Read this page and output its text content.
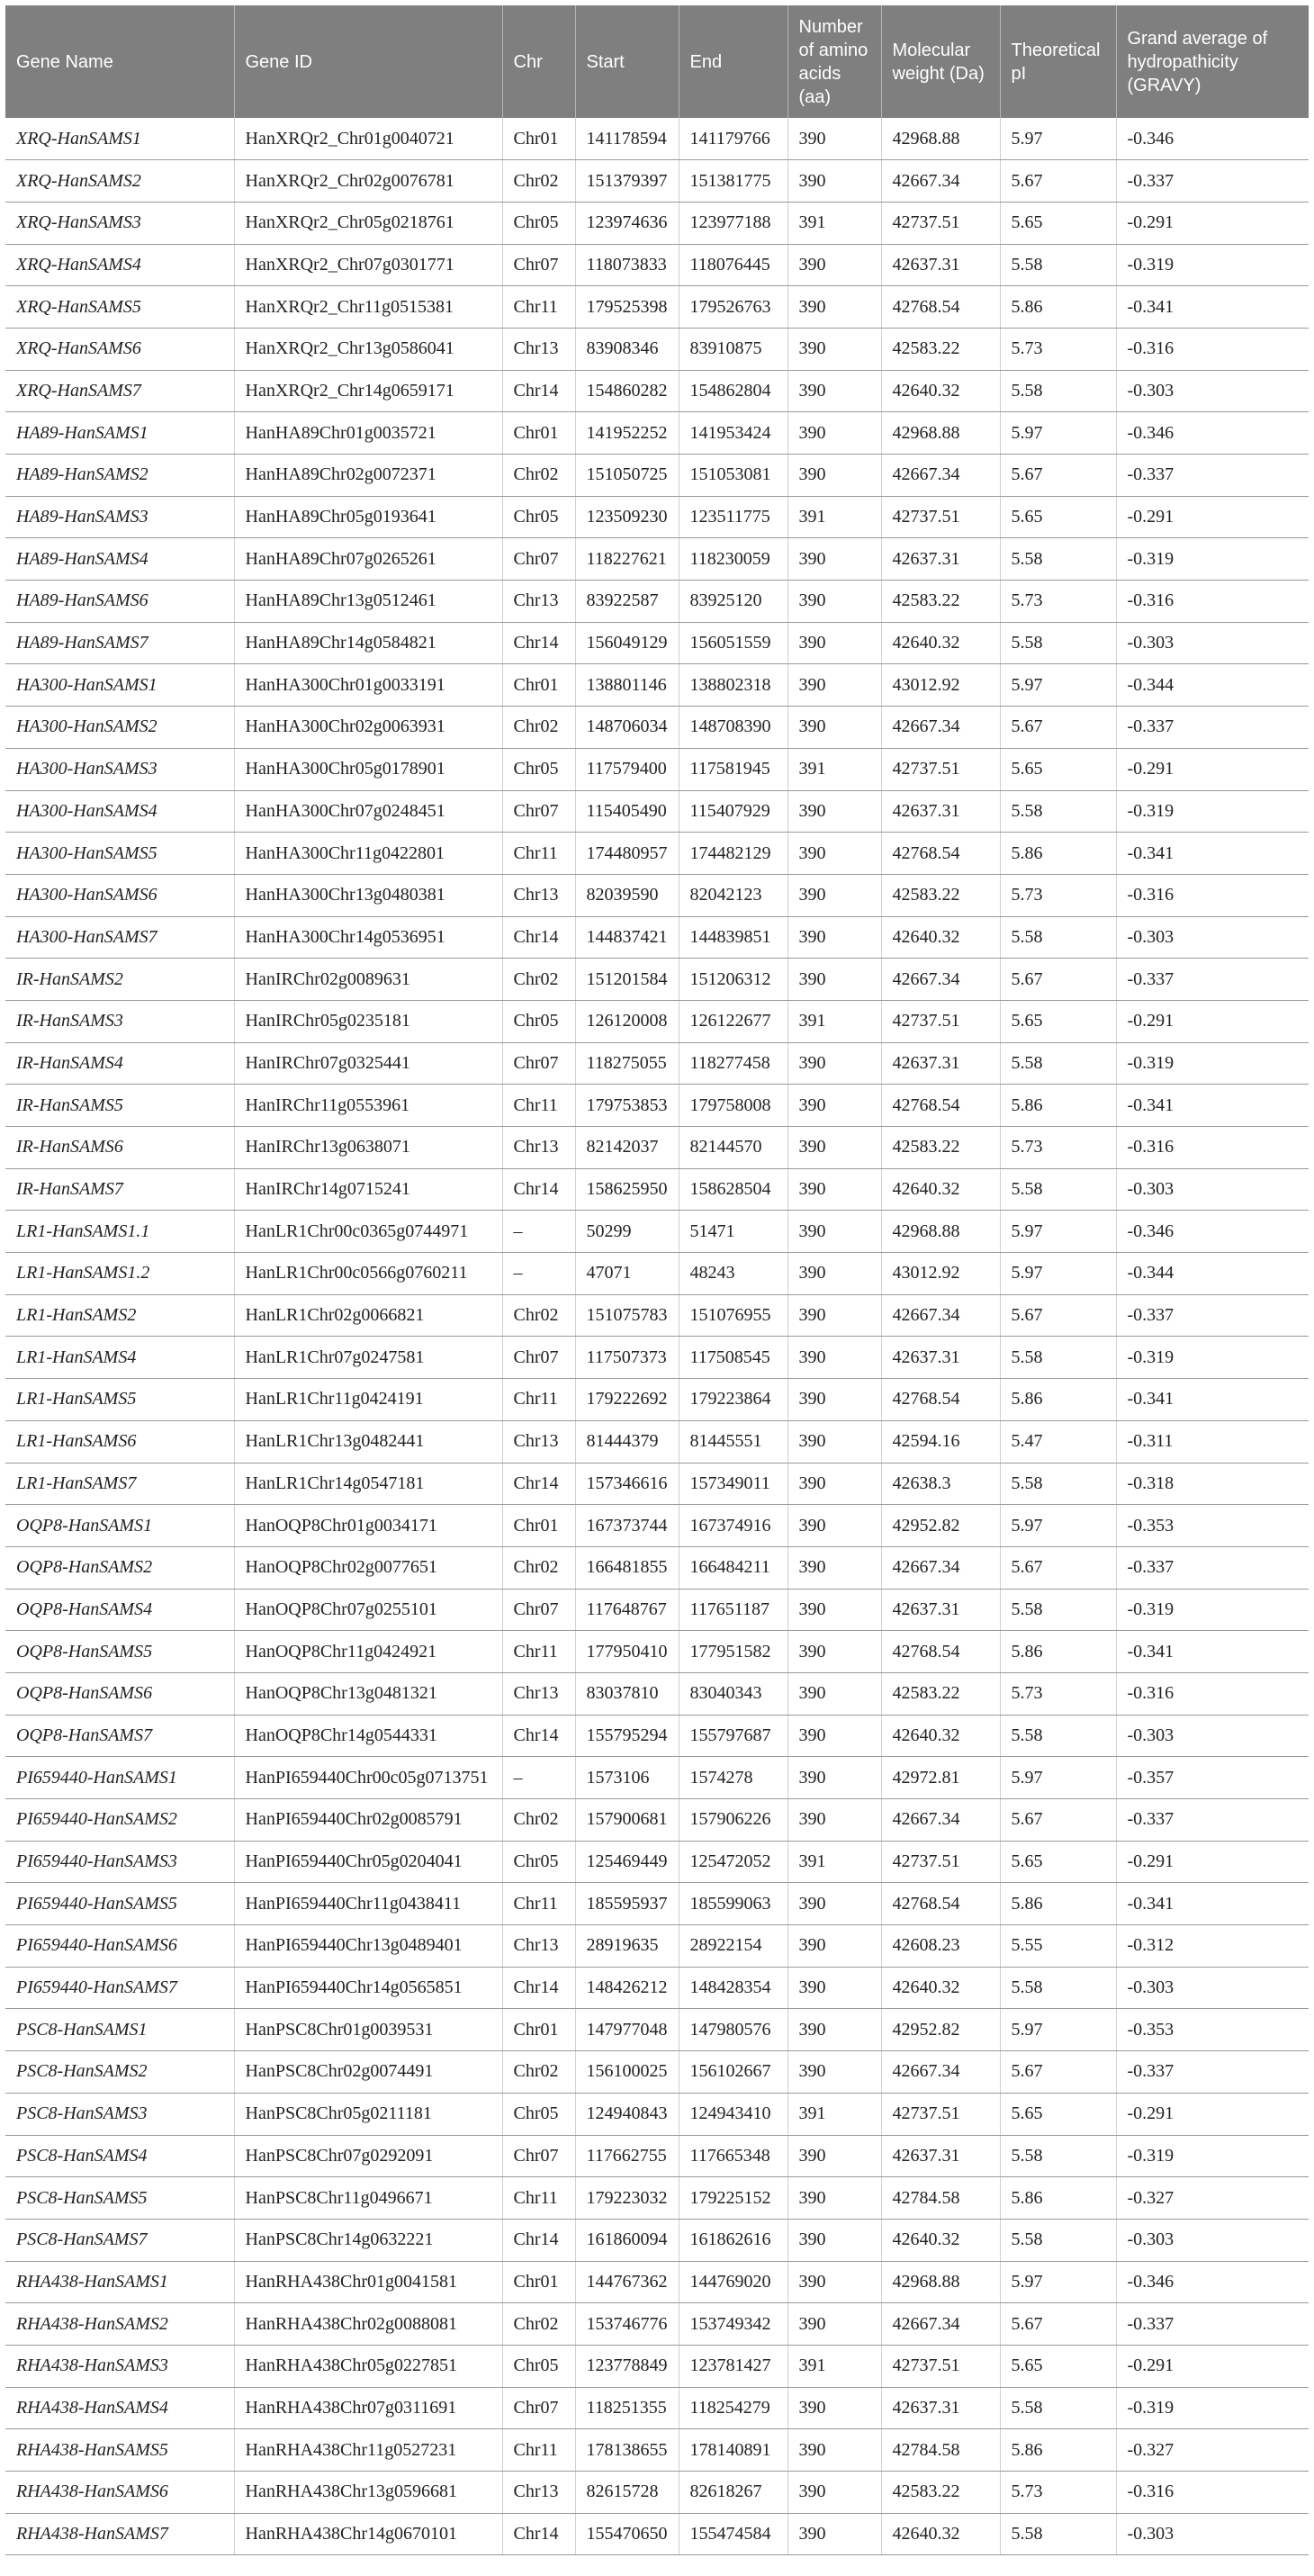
Gene Name	Gene ID	Chr	Start	End	Number of amino acids (aa)	Molecular weight (Da)	Theoretical pI	Grand average of hydropathicity (GRAVY)
XRQ-HanSAMS1	HanXRQr2_Chr01g0040721	Chr01	141178594	141179766	390	42968.88	5.97	-0.346
XRQ-HanSAMS2	HanXRQr2_Chr02g0076781	Chr02	151379397	151381775	390	42667.34	5.67	-0.337
XRQ-HanSAMS3	HanXRQr2_Chr05g0218761	Chr05	123974636	123977188	391	42737.51	5.65	-0.291
XRQ-HanSAMS4	HanXRQr2_Chr07g0301771	Chr07	118073833	118076445	390	42637.31	5.58	-0.319
XRQ-HanSAMS5	HanXRQr2_Chr11g0515381	Chr11	179525398	179526763	390	42768.54	5.86	-0.341
XRQ-HanSAMS6	HanXRQr2_Chr13g0586041	Chr13	83908346	83910875	390	42583.22	5.73	-0.316
XRQ-HanSAMS7	HanXRQr2_Chr14g0659171	Chr14	154860282	154862804	390	42640.32	5.58	-0.303
HA89-HanSAMS1	HanHA89Chr01g0035721	Chr01	141952252	141953424	390	42968.88	5.97	-0.346
HA89-HanSAMS2	HanHA89Chr02g0072371	Chr02	151050725	151053081	390	42667.34	5.67	-0.337
HA89-HanSAMS3	HanHA89Chr05g0193641	Chr05	123509230	123511775	391	42737.51	5.65	-0.291
HA89-HanSAMS4	HanHA89Chr07g0265261	Chr07	118227621	118230059	390	42637.31	5.58	-0.319
HA89-HanSAMS6	HanHA89Chr13g0512461	Chr13	83922587	83925120	390	42583.22	5.73	-0.316
HA89-HanSAMS7	HanHA89Chr14g0584821	Chr14	156049129	156051559	390	42640.32	5.58	-0.303
HA300-HanSAMS1	HanHA300Chr01g0033191	Chr01	138801146	138802318	390	43012.92	5.97	-0.344
HA300-HanSAMS2	HanHA300Chr02g0063931	Chr02	148706034	148708390	390	42667.34	5.67	-0.337
HA300-HanSAMS3	HanHA300Chr05g0178901	Chr05	117579400	117581945	391	42737.51	5.65	-0.291
HA300-HanSAMS4	HanHA300Chr07g0248451	Chr07	115405490	115407929	390	42637.31	5.58	-0.319
HA300-HanSAMS5	HanHA300Chr11g0422801	Chr11	174480957	174482129	390	42768.54	5.86	-0.341
HA300-HanSAMS6	HanHA300Chr13g0480381	Chr13	82039590	82042123	390	42583.22	5.73	-0.316
HA300-HanSAMS7	HanHA300Chr14g0536951	Chr14	144837421	144839851	390	42640.32	5.58	-0.303
IR-HanSAMS2	HanIRChr02g0089631	Chr02	151201584	151206312	390	42667.34	5.67	-0.337
IR-HanSAMS3	HanIRChr05g0235181	Chr05	126120008	126122677	391	42737.51	5.65	-0.291
IR-HanSAMS4	HanIRChr07g0325441	Chr07	118275055	118277458	390	42637.31	5.58	-0.319
IR-HanSAMS5	HanIRChr11g0553961	Chr11	179753853	179758008	390	42768.54	5.86	-0.341
IR-HanSAMS6	HanIRChr13g0638071	Chr13	82142037	82144570	390	42583.22	5.73	-0.316
IR-HanSAMS7	HanIRChr14g0715241	Chr14	158625950	158628504	390	42640.32	5.58	-0.303
LR1-HanSAMS1.1	HanLR1Chr00c0365g0744971	–	50299	51471	390	42968.88	5.97	-0.346
LR1-HanSAMS1.2	HanLR1Chr00c0566g0760211	–	47071	48243	390	43012.92	5.97	-0.344
LR1-HanSAMS2	HanLR1Chr02g0066821	Chr02	151075783	151076955	390	42667.34	5.67	-0.337
LR1-HanSAMS4	HanLR1Chr07g0247581	Chr07	117507373	117508545	390	42637.31	5.58	-0.319
LR1-HanSAMS5	HanLR1Chr11g0424191	Chr11	179222692	179223864	390	42768.54	5.86	-0.341
LR1-HanSAMS6	HanLR1Chr13g0482441	Chr13	81444379	81445551	390	42594.16	5.47	-0.311
LR1-HanSAMS7	HanLR1Chr14g0547181	Chr14	157346616	157349011	390	42638.3	5.58	-0.318
OQP8-HanSAMS1	HanOQP8Chr01g0034171	Chr01	167373744	167374916	390	42952.82	5.97	-0.353
OQP8-HanSAMS2	HanOQP8Chr02g0077651	Chr02	166481855	166484211	390	42667.34	5.67	-0.337
OQP8-HanSAMS4	HanOQP8Chr07g0255101	Chr07	117648767	117651187	390	42637.31	5.58	-0.319
OQP8-HanSAMS5	HanOQP8Chr11g0424921	Chr11	177950410	177951582	390	42768.54	5.86	-0.341
OQP8-HanSAMS6	HanOQP8Chr13g0481321	Chr13	83037810	83040343	390	42583.22	5.73	-0.316
OQP8-HanSAMS7	HanOQP8Chr14g0544331	Chr14	155795294	155797687	390	42640.32	5.58	-0.303
PI659440-HanSAMS1	HanPI659440Chr00c05g0713751	–	1573106	1574278	390	42972.81	5.97	-0.357
PI659440-HanSAMS2	HanPI659440Chr02g0085791	Chr02	157900681	157906226	390	42667.34	5.67	-0.337
PI659440-HanSAMS3	HanPI659440Chr05g0204041	Chr05	125469449	125472052	391	42737.51	5.65	-0.291
PI659440-HanSAMS5	HanPI659440Chr11g0438411	Chr11	185595937	185599063	390	42768.54	5.86	-0.341
PI659440-HanSAMS6	HanPI659440Chr13g0489401	Chr13	28919635	28922154	390	42608.23	5.55	-0.312
PI659440-HanSAMS7	HanPI659440Chr14g0565851	Chr14	148426212	148428354	390	42640.32	5.58	-0.303
PSC8-HanSAMS1	HanPSC8Chr01g0039531	Chr01	147977048	147980576	390	42952.82	5.97	-0.353
PSC8-HanSAMS2	HanPSC8Chr02g0074491	Chr02	156100025	156102667	390	42667.34	5.67	-0.337
PSC8-HanSAMS3	HanPSC8Chr05g0211181	Chr05	124940843	124943410	391	42737.51	5.65	-0.291
PSC8-HanSAMS4	HanPSC8Chr07g0292091	Chr07	117662755	117665348	390	42637.31	5.58	-0.319
PSC8-HanSAMS5	HanPSC8Chr11g0496671	Chr11	179223032	179225152	390	42784.58	5.86	-0.327
PSC8-HanSAMS7	HanPSC8Chr14g0632221	Chr14	161860094	161862616	390	42640.32	5.58	-0.303
RHA438-HanSAMS1	HanRHA438Chr01g0041581	Chr01	144767362	144769020	390	42968.88	5.97	-0.346
RHA438-HanSAMS2	HanRHA438Chr02g0088081	Chr02	153746776	153749342	390	42667.34	5.67	-0.337
RHA438-HanSAMS3	HanRHA438Chr05g0227851	Chr05	123778849	123781427	391	42737.51	5.65	-0.291
RHA438-HanSAMS4	HanRHA438Chr07g0311691	Chr07	118251355	118254279	390	42637.31	5.58	-0.319
RHA438-HanSAMS5	HanRHA438Chr11g0527231	Chr11	178138655	178140891	390	42784.58	5.86	-0.327
RHA438-HanSAMS6	HanRHA438Chr13g0596681	Chr13	82615728	82618267	390	42583.22	5.73	-0.316
RHA438-HanSAMS7	HanRHA438Chr14g0670101	Chr14	155470650	155474584	390	42640.32	5.58	-0.303
